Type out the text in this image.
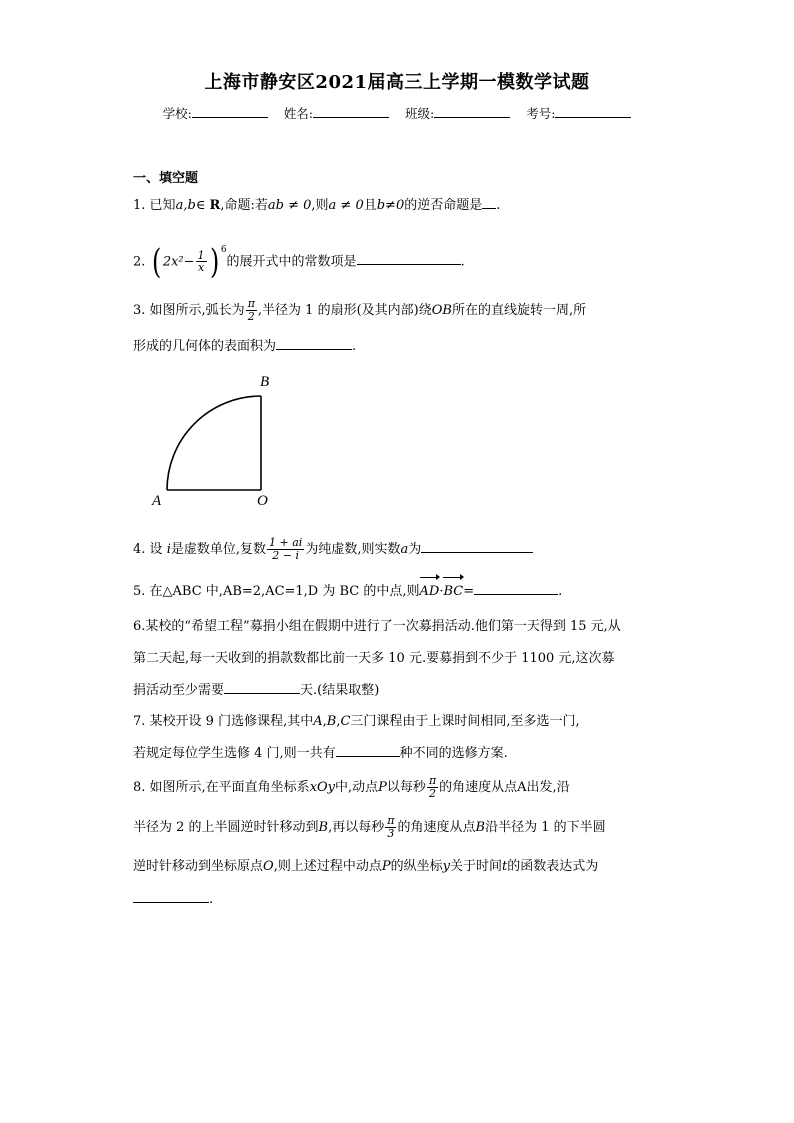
上海市静安区2021届高三上学期一模数学试题
学校:	姓名:	班级:	考号:
一、填空题
1. 已知a,b∈ R,命题:若ab ≠ 0,则a ≠ 0且b≠0的逆否命题是 .
2. ( $2x^2- \frac{1}{x}$ ) $^6$的展开式中的常数项是	.
3. 如图所示,弧长为 $\frac{\pi}{2}$ ,半径为 1 的扇形(及其内部)绕OB所在的直线旋转一周,所
形成的几何体的表面积为	.
B
A	O
4. 设 i是虚数单位,复数 $\frac{1 + ai}{2 - i}$ 为纯虚数,则实数a为
5. 在△ABC 中,AB=2,AC=1,D 为 BC 的中点,则AD·BC=	.
6.某校的“希望工程”募捐小组在假期中进行了一次募捐活动.他们第一天得到 15 元,从
第二天起,每一天收到的捐款数都比前一天多 10 元.要募捐到不少于 1100 元,这次募
捐活动至少需要	天.(结果取整)
7. 某校开设 9 门选修课程,其中A,B,C三门课程由于上课时间相同,至多选一门,
若规定每位学生选修 4 门,则一共有	种不同的选修方案.
8. 如图所示,在平面直角坐标系xOy中,动点P以每秒 $\frac{\pi}{2}$ 的角速度从点A出发,沿
半径为 2 的上半圆逆时针移动到B,再以每秒 $\frac{\pi}{3}$ 的角速度从点B沿半径为 1 的下半圆
逆时针移动到坐标原点O,则上述过程中动点P的纵坐标y关于时间t的函数表达式为
.
